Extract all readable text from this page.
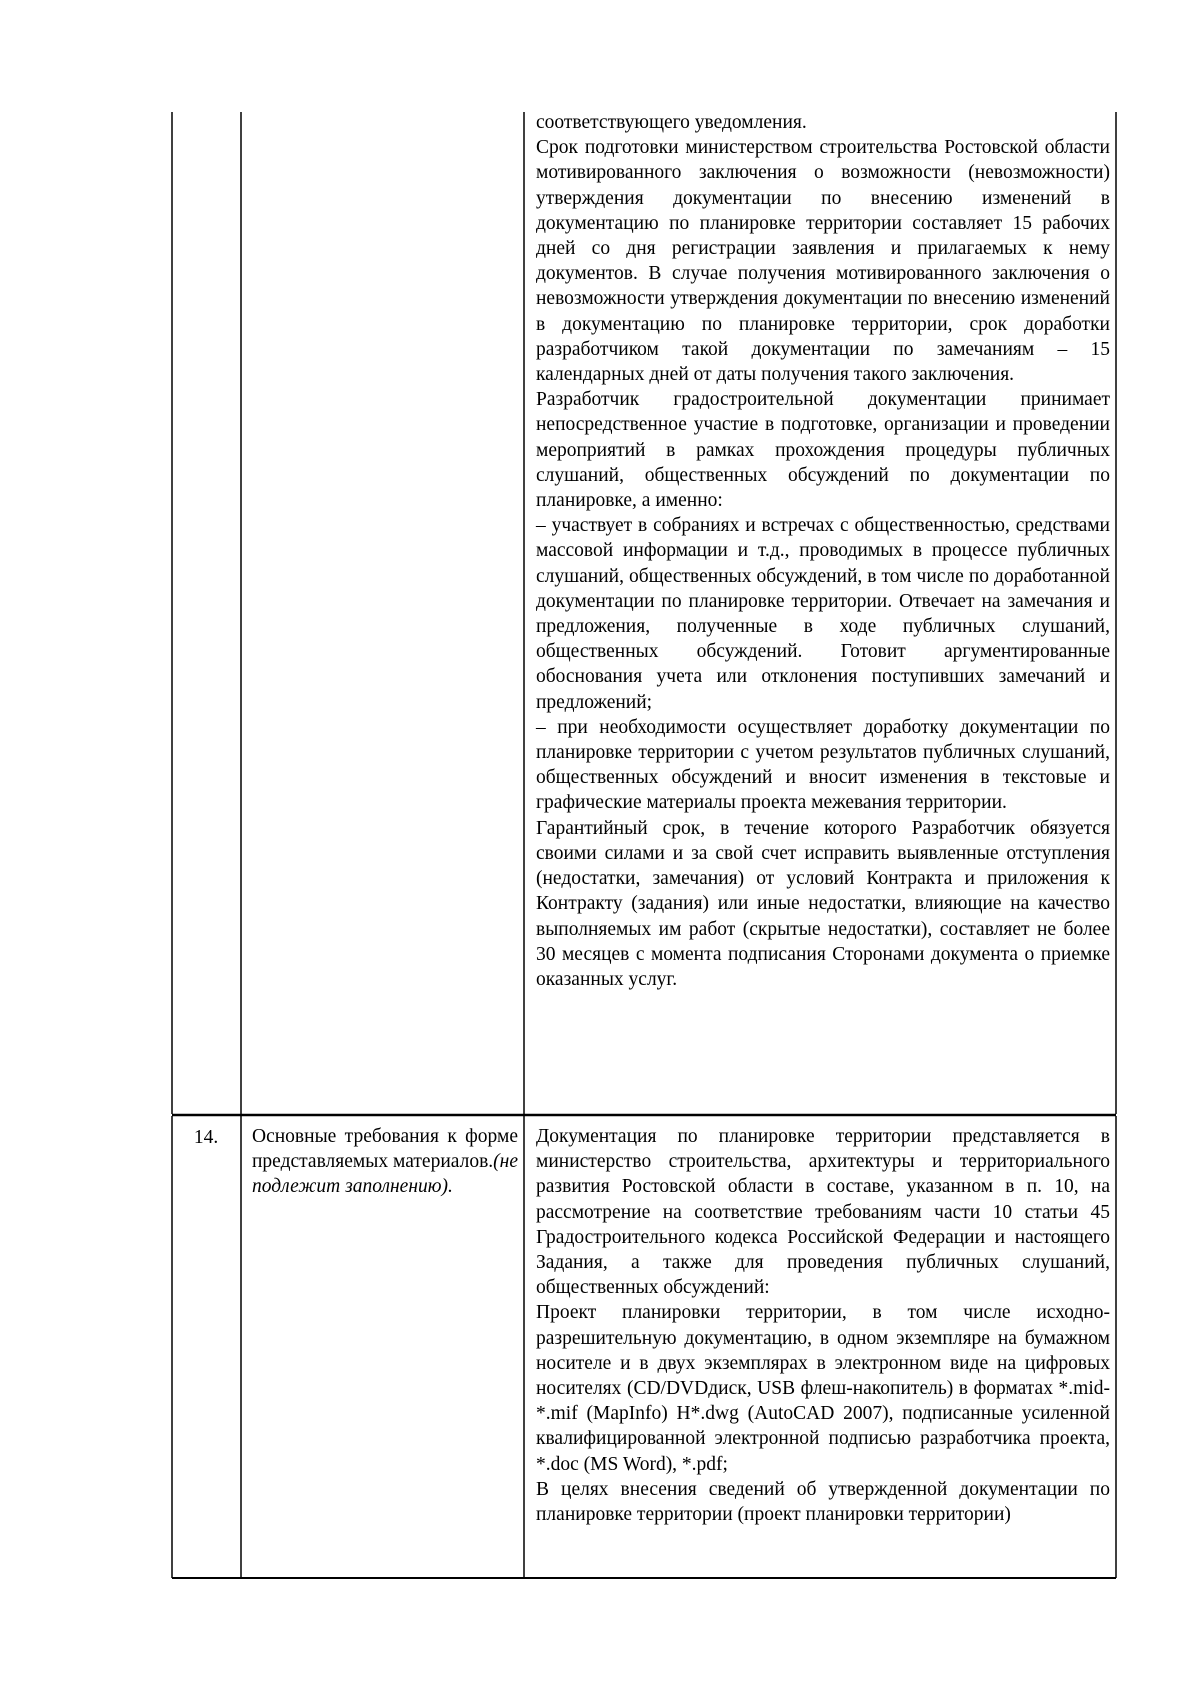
соответствующего уведомления.

Срок подготовки министерством строительства Ростовской области мотивированного заключения о возможности (невозможности) утверждения документации по внесению изменений в документацию по планировке территории составляет 15 рабочих дней со дня регистрации заявления и прилагаемых к нему документов. В случае получения мотивированного заключения о невозможности утверждения документации по внесению изменений в документацию по планировке территории, срок доработки разработчиком такой документации по замечаниям – 15 календарных дней от даты получения такого заключения.

Разработчик градостроительной документации принимает непосредственное участие в подготовке, организации и проведении мероприятий в рамках прохождения процедуры публичных слушаний, общественных обсуждений по документации по планировке, а именно:

– участвует в собраниях и встречах с общественностью, средствами массовой информации и т.д., проводимых в процессе публичных слушаний, общественных обсуждений, в том числе по доработанной документации по планировке территории. Отвечает на замечания и предложения, полученные в ходе публичных слушаний, общественных обсуждений. Готовит аргументированные обоснования учета или отклонения поступивших замечаний и предложений;

– при необходимости осуществляет доработку документации по планировке территории с учетом результатов публичных слушаний, общественных обсуждений и вносит изменения в текстовые и графические материалы проекта межевания территории.

Гарантийный срок, в течение которого Разработчик обязуется своими силами и за свой счет исправить выявленные отступления (недостатки, замечания) от условий Контракта и приложения к Контракту (задания) или иные недостатки, влияющие на качество выполняемых им работ (скрытые недостатки), составляет не более 30 месяцев с момента подписания Сторонами документа о приемке оказанных услуг.

14.	Основные требования к форме представляемых материалов.(не подлежит заполнению).

Документация по планировке территории представляется в министерство строительства, архитектуры и территориального развития Ростовской области в составе, указанном в п. 10, на рассмотрение на соответствие требованиям части 10 статьи 45 Градостроительного кодекса Российской Федерации и настоящего Задания, а также для проведения публичных слушаний, общественных обсуждений:

Проект планировки территории, в том числе исходно-разрешительную документацию, в одном экземпляре на бумажном носителе и в двух экземплярах в электронном виде на цифровых носителях (CD/DVDдиск, USB флеш-накопитель) в форматах *.mid-*.mif (MapInfo) H*.dwg (AutoCAD 2007), подписанные усиленной квалифицированной электронной подписью разработчика проекта, *.doc (MS Word), *.pdf;

В целях внесения сведений об утвержденной документации по планировке территории (проект планировки территории)
